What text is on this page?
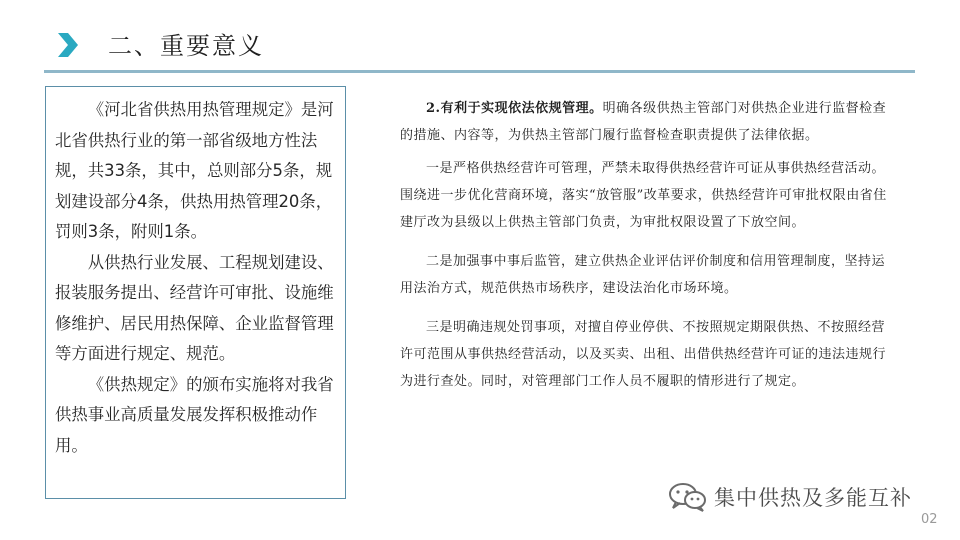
二、重要意义

《河北省供热用热管理规定》是河北省供热行业的第一部省级地方性法规，共33条，其中，总则部分5条，规划建设部分4条，供热用热管理20条，罚则3条，附则1条。

从供热行业发展、工程规划建设、报装服务提出、经营许可审批、设施维修维护、居民用热保障、企业监督管理等方面进行规定、规范。

《供热规定》的颁布实施将对我省供热事业高质量发展发挥积极推动作用。

2.有利于实现依法依规管理。明确各级供热主管部门对供热企业进行监督检查的措施、内容等，为供热主管部门履行监督检查职责提供了法律依据。

一是严格供热经营许可管理，严禁未取得供热经营许可证从事供热经营活动。围绕进一步优化营商环境，落实“放管服”改革要求，供热经营许可审批权限由省住建厅改为县级以上供热主管部门负责，为审批权限设置了下放空间。

二是加强事中事后监管，建立供热企业评估评价制度和信用管理制度，坚持运用法治方式，规范供热市场秩序，建设法治化市场环境。

三是明确违规处罚事项，对擅自停业停供、不按照规定期限供热、不按照经营许可范围从事供热经营活动，以及买卖、出租、出借供热经营许可证的违法违规行为进行查处。同时，对管理部门工作人员不履职的情形进行了规定。

集中供热及多能互补
02
